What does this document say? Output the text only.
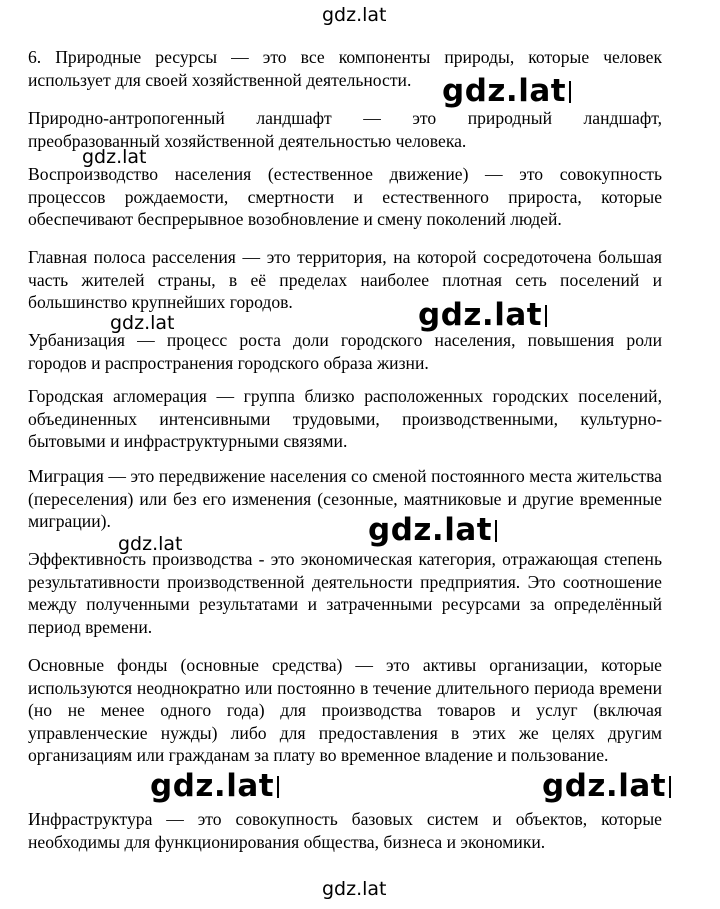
6. Природные ресурсы — это все компоненты природы, которые человек использует для своей хозяйственной деятельности.

Природно-антропогенный ландшафт — это природный ландшафт, преобразованный хозяйственной деятельностью человека.

Воспроизводство населения (естественное движение) — это совокупность процессов рождаемости, смертности и естественного прироста, которые обеспечивают беспрерывное возобновление и смену поколений людей.

Главная полоса расселения — это территория, на которой сосредоточена большая часть жителей страны, в её пределах наиболее плотная сеть поселений и большинство крупнейших городов.

Урбанизация — процесс роста доли городского населения, повышения роли городов и распространения городского образа жизни.

Городская агломерация — группа близко расположенных городских поселений, объединенных интенсивными трудовыми, производственными, культурно-бытовыми и инфраструктурными связями.

Миграция — это передвижение населения со сменой постоянного места жительства (переселения) или без его изменения (сезонные, маятниковые и другие временные миграции).

Эффективность производства - это экономическая категория, отражающая степень результативности производственной деятельности предприятия. Это соотношение между полученными результатами и затраченными ресурсами за определённый период времени.

Основные фонды (основные средства) — это активы организации, которые используются неоднократно или постоянно в течение длительного периода времени (но не менее одного года) для производства товаров и услуг (включая управленческие нужды) либо для предоставления в этих же целях другим организациям или гражданам за плату во временное владение и пользование.

Инфраструктура — это совокупность базовых систем и объектов, которые необходимы для функционирования общества, бизнеса и экономики.

gdz.lat
gdz.lat
gdz.lat
gdz.lat
gdz.lat
gdz.lat
gdz.lat
gdz.lat	gdz.lat
gdz.lat
